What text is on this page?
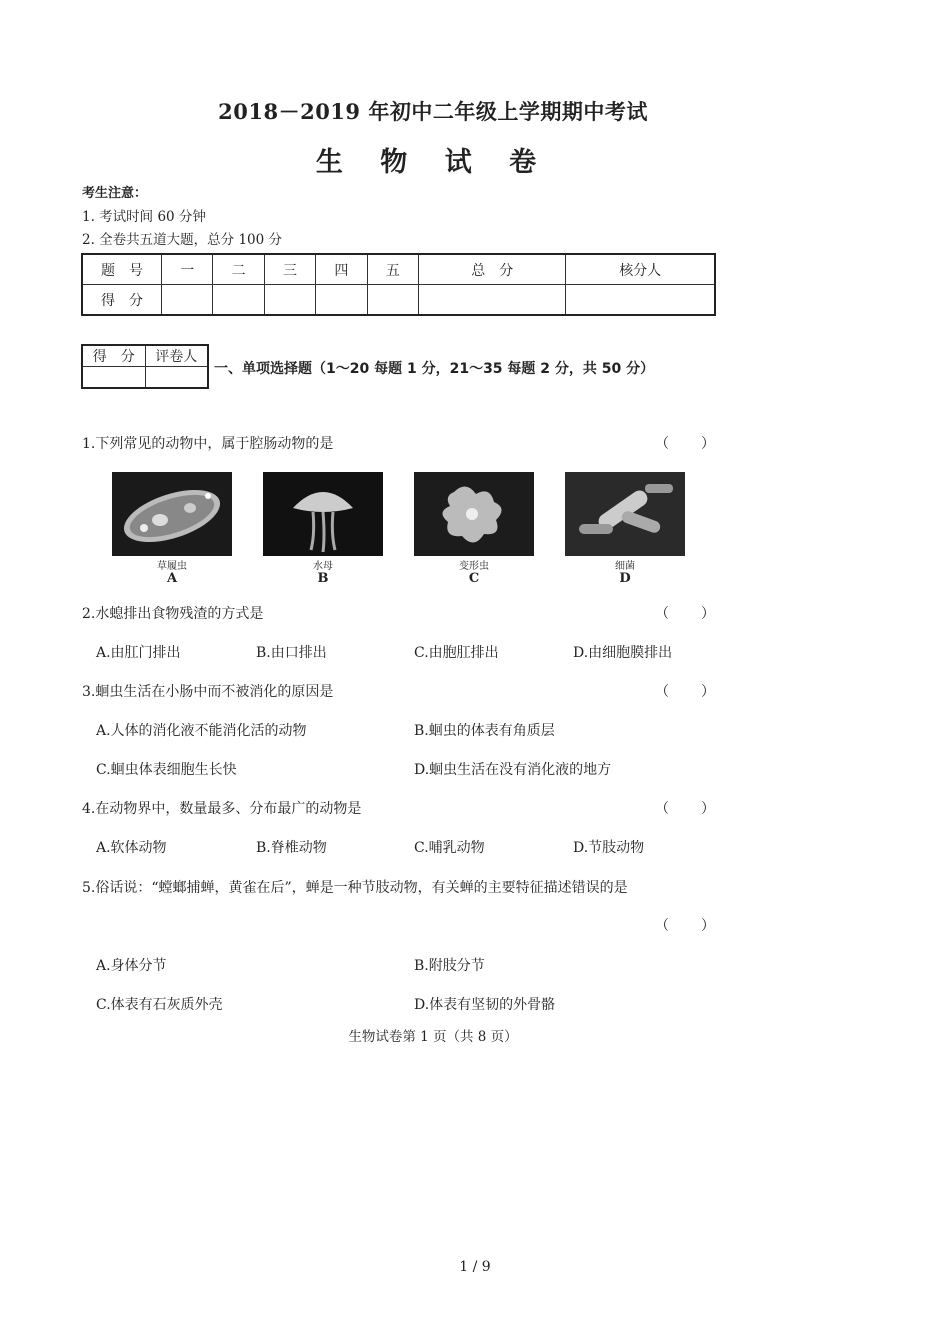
2018－2019 年初中二年级上学期期中考试
生 物 试 卷
考生注意：
1. 考试时间 60 分钟
2. 全卷共五道大题，总分 100 分
题　号	一	二	三	四	五	总　分	核分人
得　分							
得　分	评卷人

一、单项选择题（1～20 每题 1 分，21～35 每题 2 分，共 50 分）
1.下列常见的动物中，属于腔肠动物的是	（ ）
草履虫
A
水母
B
变形虫
C
细菌
D
2.水螅排出食物残渣的方式是	（ ）
A.由肛门排出	B.由口排出	C.由胞肛排出	D.由细胞膜排出
3.蛔虫生活在小肠中而不被消化的原因是	（ ）
A.人体的消化液不能消化活的动物	B.蛔虫的体表有角质层
C.蛔虫体表细胞生长快	D.蛔虫生活在没有消化液的地方
4.在动物界中，数量最多、分布最广的动物是	（ ）
A.软体动物	B.脊椎动物	C.哺乳动物	D.节肢动物
5.俗话说：“螳螂捕蝉，黄雀在后”，蝉是一种节肢动物，有关蝉的主要特征描述错误的是
（ ）
A.身体分节	B.附肢分节
C.体表有石灰质外壳	D.体表有坚韧的外骨骼
生物试卷第 1 页（共 8 页）
1 / 9
